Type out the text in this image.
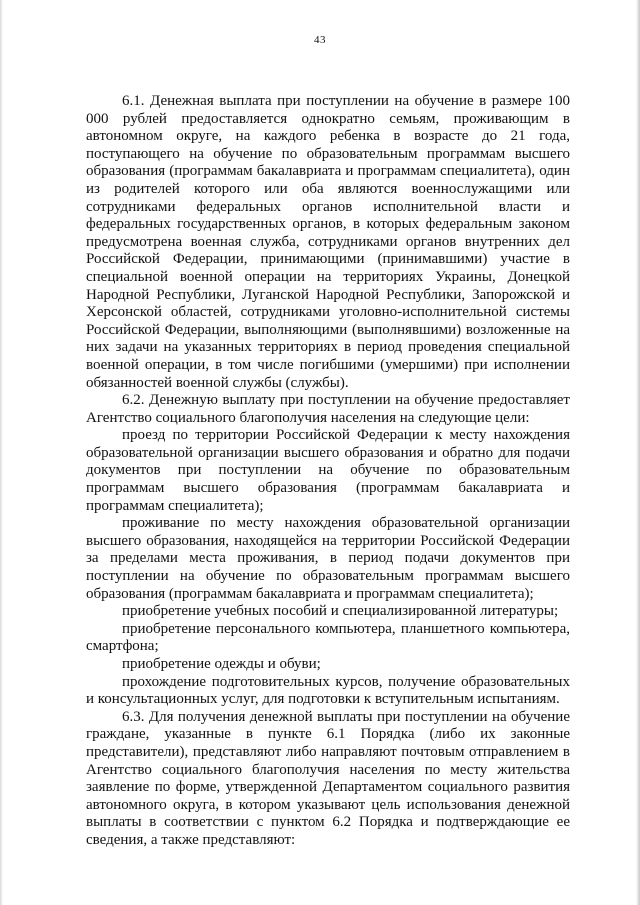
43

6.1. Денежная выплата при поступлении на обучение в размере 100 000 рублей предоставляется однократно семьям, проживающим в автономном округе, на каждого ребенка в возрасте до 21 года, поступающего на обучение по образовательным программам высшего образования (программам бакалавриата и программам специалитета), один из родителей которого или оба являются военнослужащими или сотрудниками федеральных органов исполнительной власти и федеральных государственных органов, в которых федеральным законом предусмотрена военная служба, сотрудниками органов внутренних дел Российской Федерации, принимающими (принимавшими) участие в специальной военной операции на территориях Украины, Донецкой Народной Республики, Луганской Народной Республики, Запорожской и Херсонской областей, сотрудниками уголовно-исполнительной системы Российской Федерации, выполняющими (выполнявшими) возложенные на них задачи на указанных территориях в период проведения специальной военной операции, в том числе погибшими (умершими) при исполнении обязанностей военной службы (службы).

6.2. Денежную выплату при поступлении на обучение предоставляет Агентство социального благополучия населения на следующие цели:

проезд по территории Российской Федерации к месту нахождения образовательной организации высшего образования и обратно для подачи документов при поступлении на обучение по образовательным программам высшего образования (программам бакалавриата и программам специалитета);

проживание по месту нахождения образовательной организации высшего образования, находящейся на территории Российской Федерации за пределами места проживания, в период подачи документов при поступлении на обучение по образовательным программам высшего образования (программам бакалавриата и программам специалитета);

приобретение учебных пособий и специализированной литературы;

приобретение персонального компьютера, планшетного компьютера, смартфона;

приобретение одежды и обуви;

прохождение подготовительных курсов, получение образовательных и консультационных услуг, для подготовки к вступительным испытаниям.

6.3. Для получения денежной выплаты при поступлении на обучение граждане, указанные в пункте 6.1 Порядка (либо их законные представители), представляют либо направляют почтовым отправлением в Агентство социального благополучия населения по месту жительства заявление по форме, утвержденной Департаментом социального развития автономного округа, в котором указывают цель использования денежной выплаты в соответствии с пунктом 6.2 Порядка и подтверждающие ее сведения, а также представляют:
